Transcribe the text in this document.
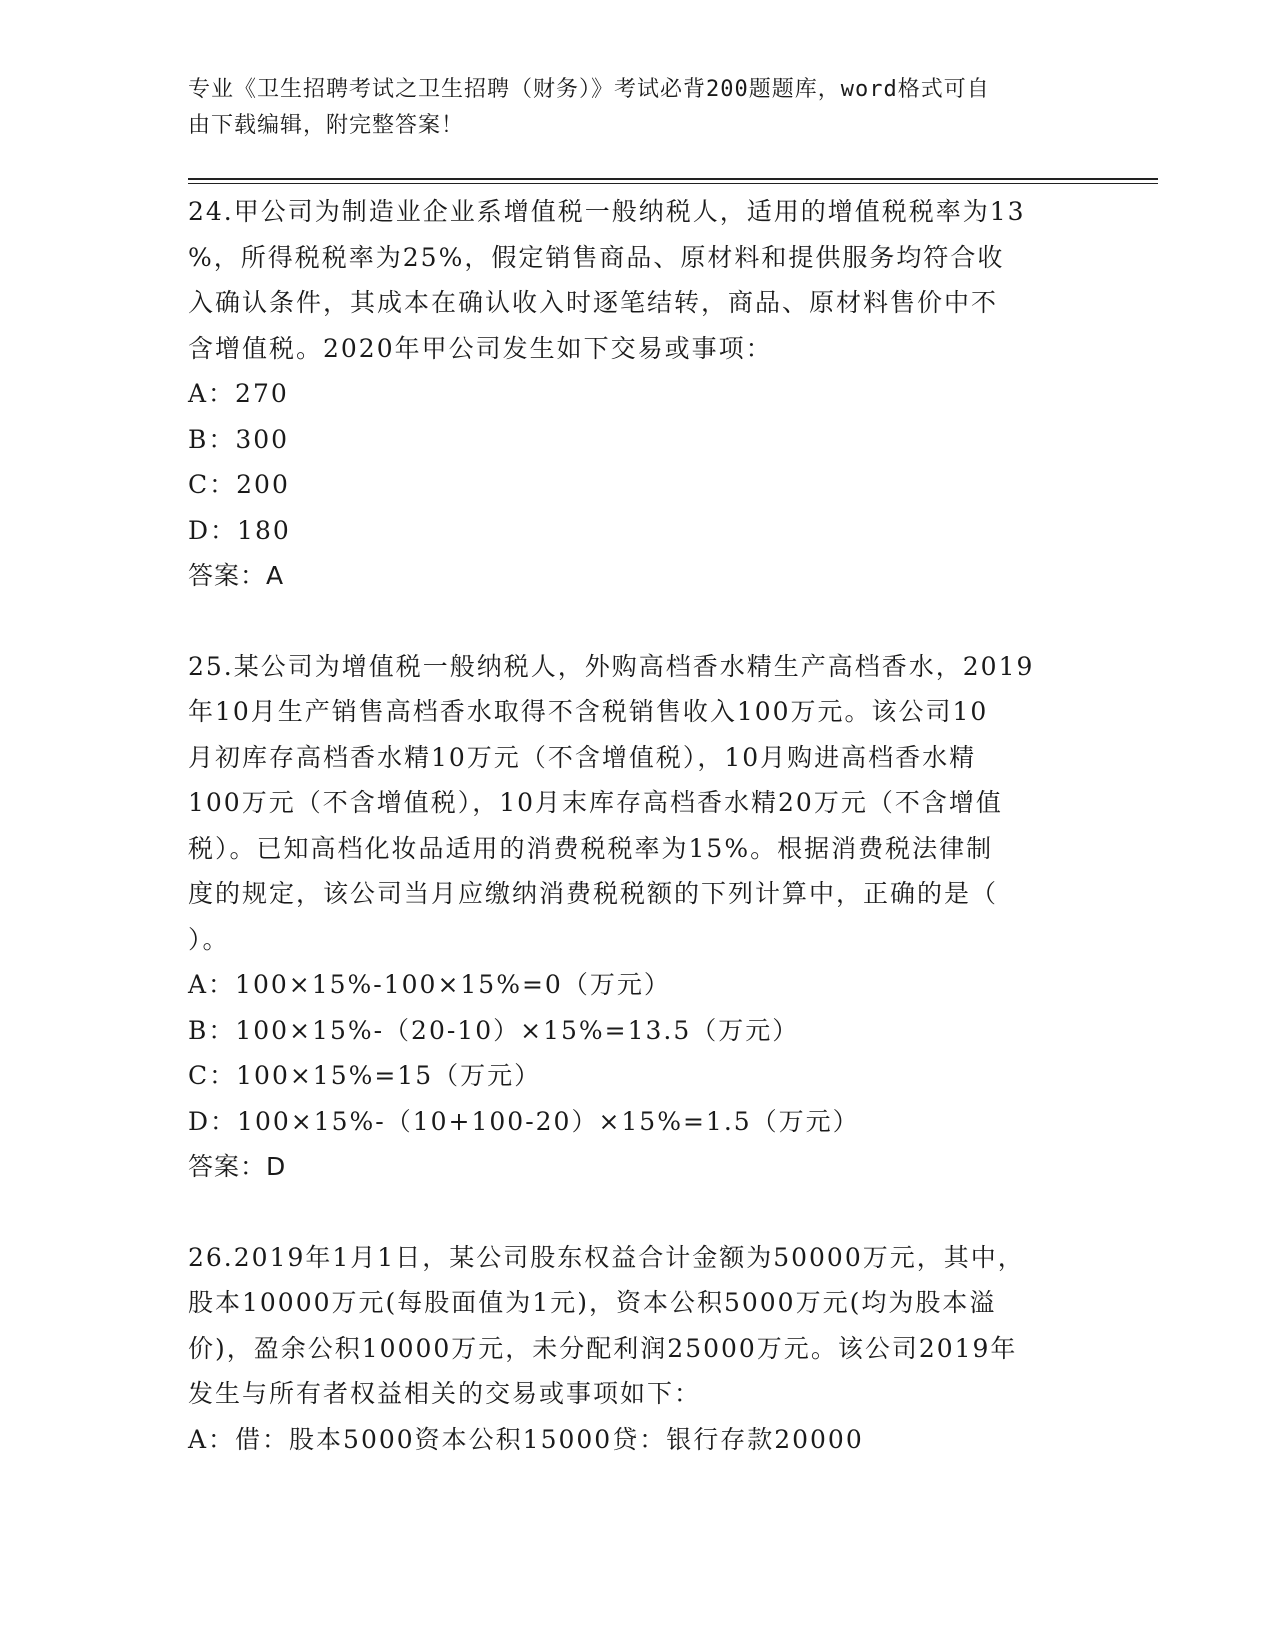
专业《卫生招聘考试之卫生招聘（财务）》考试必背200题题库，word格式可自
由下载编辑，附完整答案！
24.甲公司为制造业企业系增值税一般纳税人，适用的增值税税率为13
%，所得税税率为25%，假定销售商品、原材料和提供服务均符合收
入确认条件，其成本在确认收入时逐笔结转，商品、原材料售价中不
含增值税。2020年甲公司发生如下交易或事项：
A：270
B：300
C：200
D：180
答案：A
25.某公司为增值税一般纳税人，外购高档香水精生产高档香水，2019
年10月生产销售高档香水取得不含税销售收入100万元。该公司10
月初库存高档香水精10万元（不含增值税），10月购进高档香水精
100万元（不含增值税），10月末库存高档香水精20万元（不含增值
税）。已知高档化妆品适用的消费税税率为15%。根据消费税法律制
度的规定，该公司当月应缴纳消费税税额的下列计算中，正确的是（
）。
A：100×15%-100×15%=0（万元）
B：100×15%-（20-10）×15%=13.5（万元）
C：100×15%=15（万元）
D：100×15%-（10+100-20）×15%=1.5（万元）
答案：D
26.2019年1月1日，某公司股东权益合计金额为50000万元，其中，
股本10000万元(每股面值为1元)，资本公积5000万元(均为股本溢
价)，盈余公积10000万元，未分配利润25000万元。该公司2019年
发生与所有者权益相关的交易或事项如下：
A：借：股本5000资本公积15000贷：银行存款20000
